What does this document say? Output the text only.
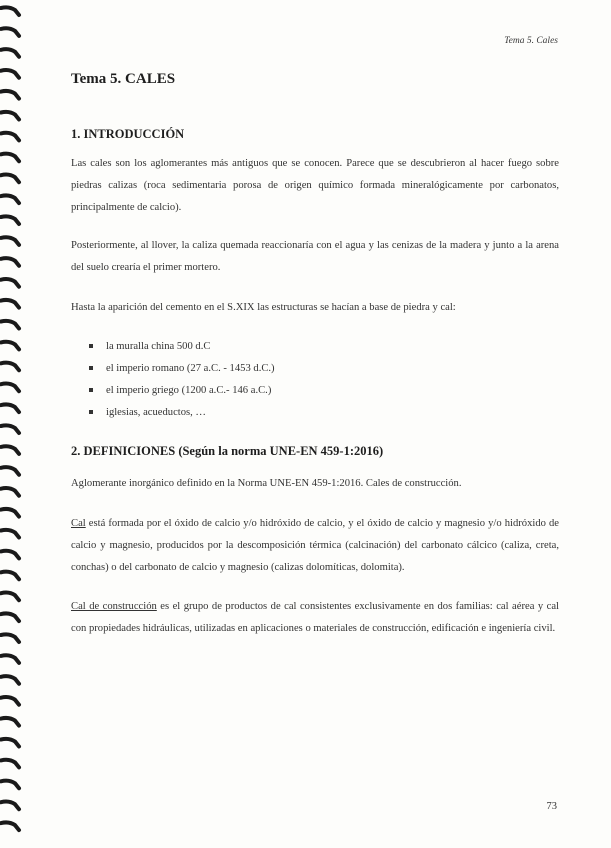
Tema 5. Cales
Tema 5. CALES
1. INTRODUCCIÓN

Las cales son los aglomerantes más antiguos que se conocen. Parece que se descubrieron al hacer fuego sobre piedras calizas (roca sedimentaria porosa de origen químico formada mineralógicamente por carbonatos, principalmente de calcio).

Posteriormente, al llover, la caliza quemada reaccionaría con el agua y las cenizas de la madera y junto a la arena del suelo crearía el primer mortero.

Hasta la aparición del cemento en el S.XIX las estructuras se hacían a base de piedra y cal:

la muralla china 500 d.C
el imperio romano (27 a.C. - 1453 d.C.)
el imperio griego (1200 a.C.- 146 a.C.)
iglesias, acueductos, …
2. DEFINICIONES (Según la norma UNE-EN 459-1:2016)

Aglomerante inorgánico definido en la Norma UNE-EN 459-1:2016. Cales de construcción.

Cal está formada por el óxido de calcio y/o hidróxido de calcio, y el óxido de calcio y magnesio y/o hidróxido de calcio y magnesio, producidos por la descomposición térmica (calcinación) del carbonato cálcico (caliza, creta, conchas) o del carbonato de calcio y magnesio (calizas dolomíticas, dolomita).

Cal de construcción es el grupo de productos de cal consistentes exclusivamente en dos familias: cal aérea y cal con propiedades hidráulicas, utilizadas en aplicaciones o materiales de construcción, edificación e ingeniería civil.

73
